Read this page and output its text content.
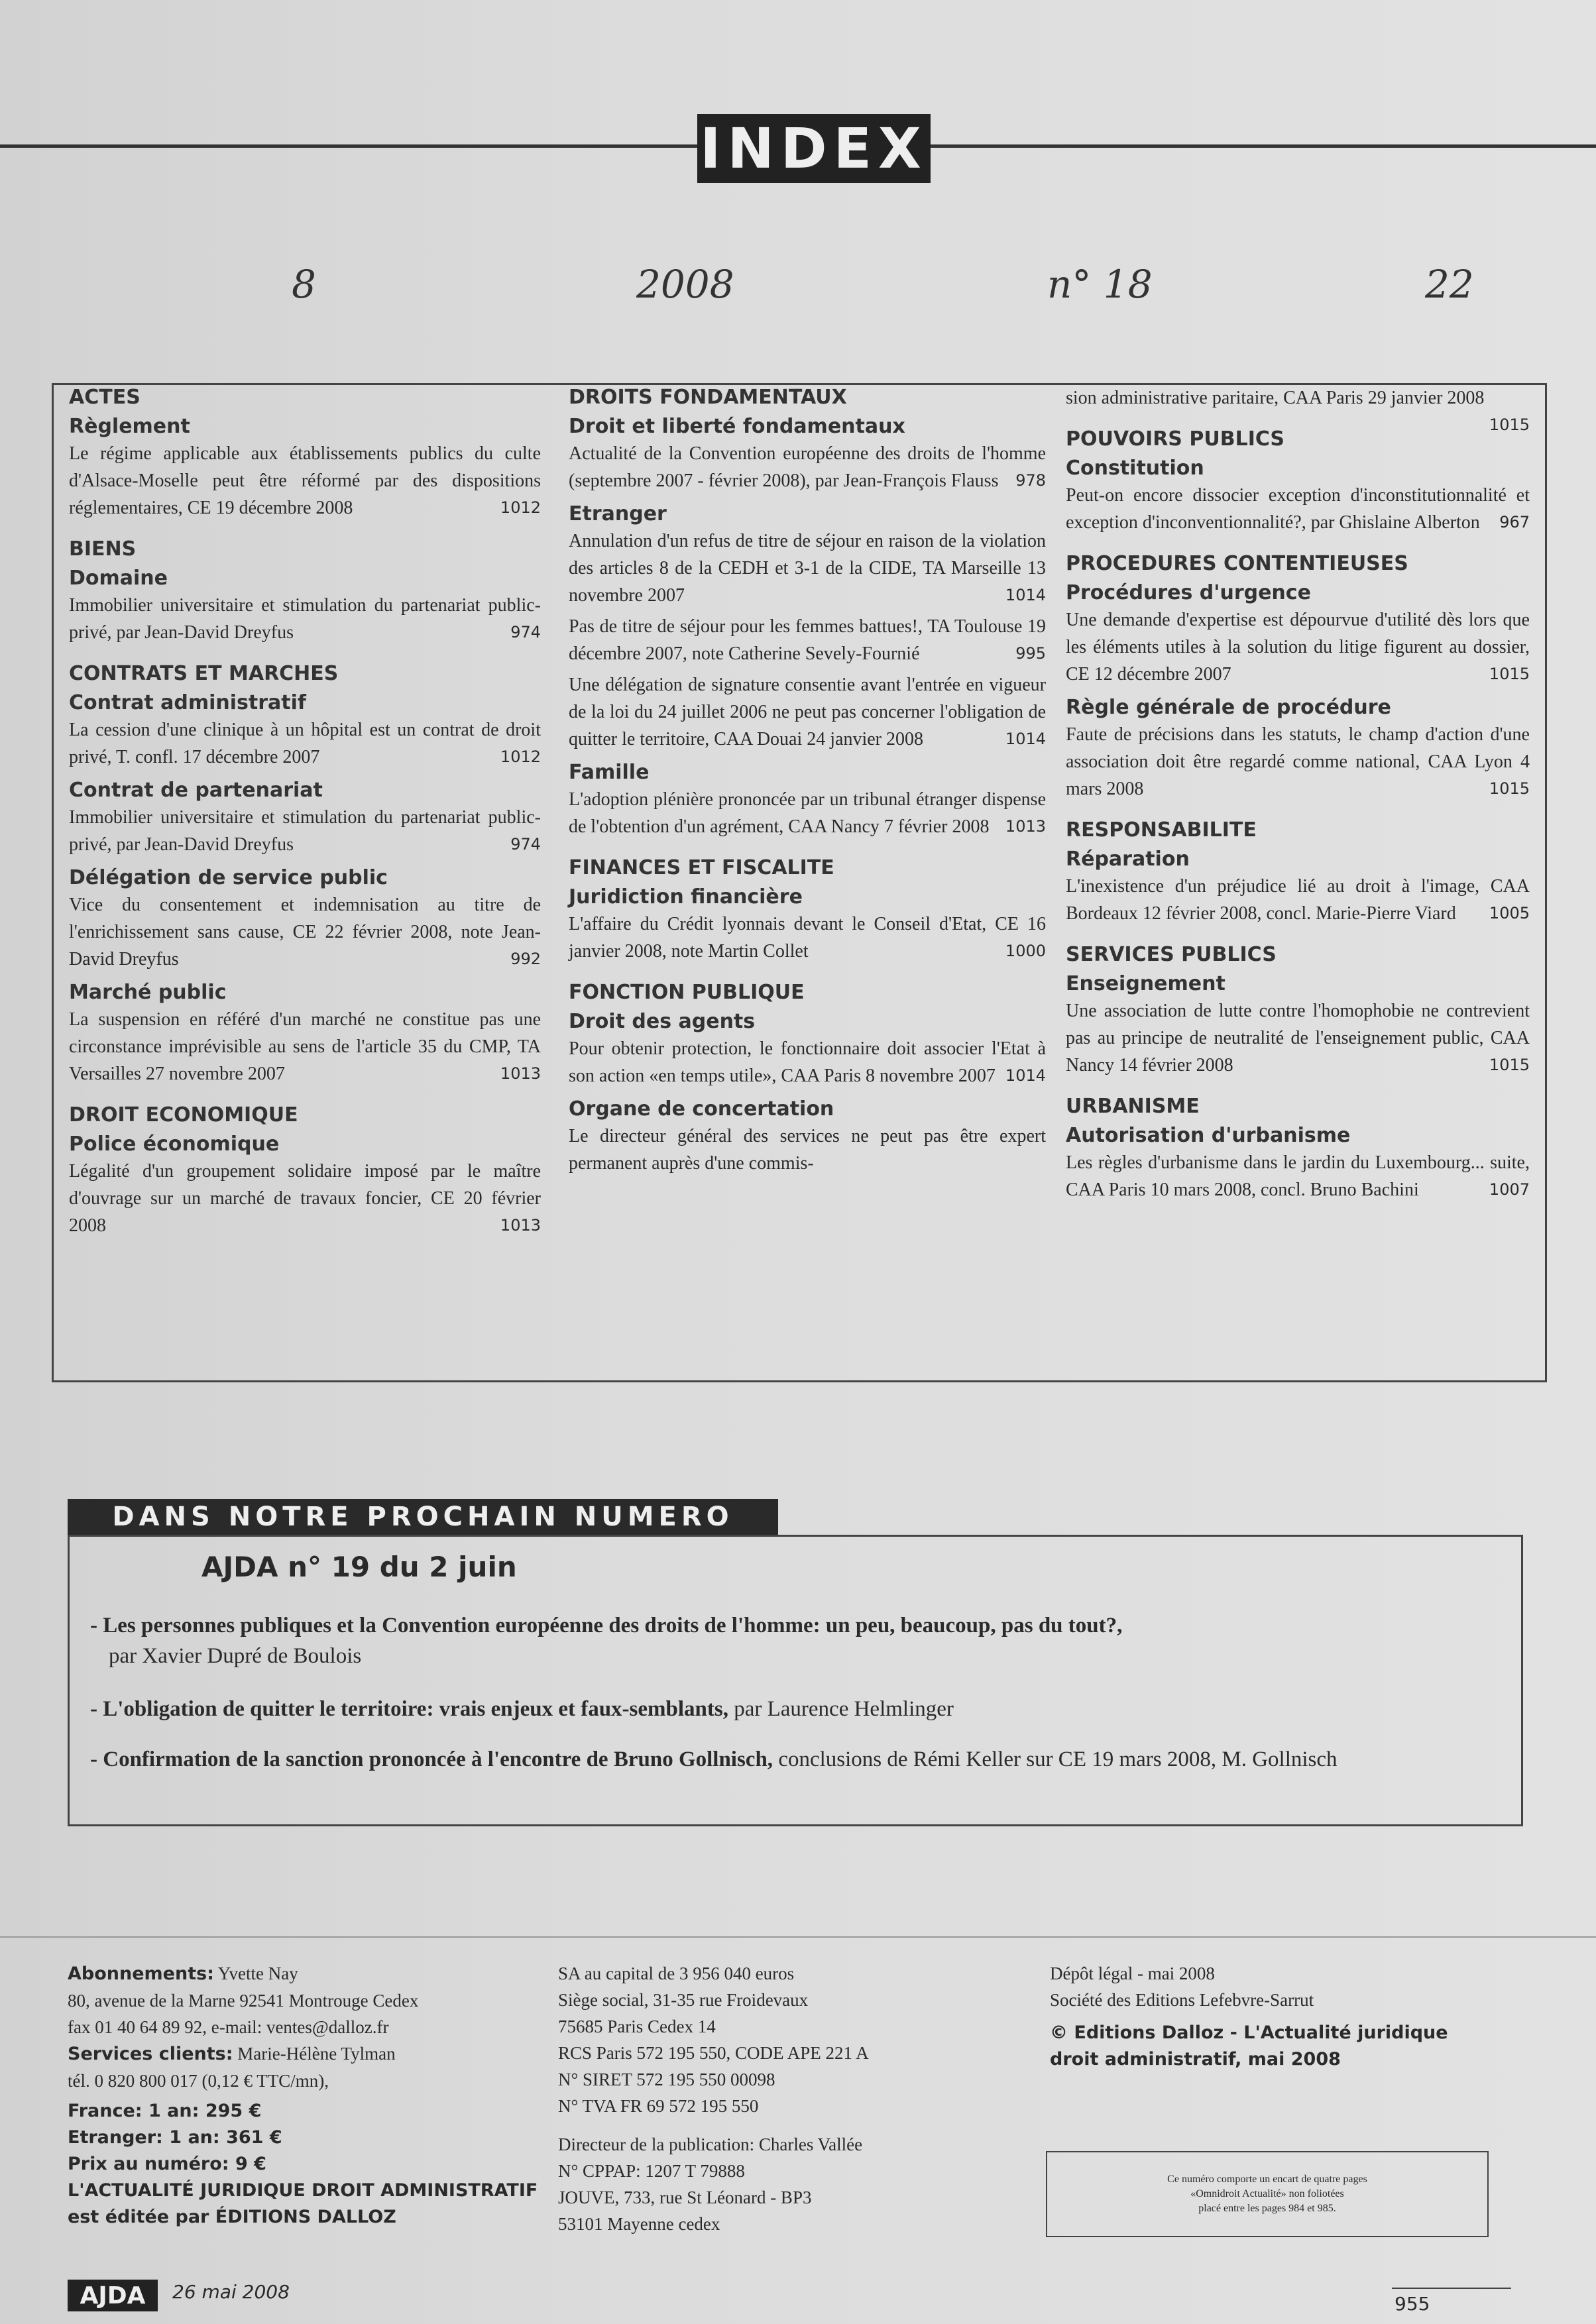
INDEX
8	2008	n° 18	22
ACTES
Règlement
Le régime applicable aux établissements publics du culte d'Alsace-Moselle peut être réformé par des dispositions réglementaires, CE 19 décembre 2008	1012
BIENS
Domaine
Immobilier universitaire et stimulation du partenariat public-privé, par Jean-David Dreyfus	974
CONTRATS ET MARCHES
Contrat administratif
La cession d'une clinique à un hôpital est un contrat de droit privé, T. confl. 17 décembre 2007	1012
Contrat de partenariat
Immobilier universitaire et stimulation du partenariat public-privé, par Jean-David Dreyfus	974
Délégation de service public
Vice du consentement et indemnisation au titre de l'enrichissement sans cause, CE 22 février 2008, note Jean-David Dreyfus	992
Marché public
La suspension en référé d'un marché ne constitue pas une circonstance imprévisible au sens de l'article 35 du CMP, TA Versailles 27 novembre 2007	1013
DROIT ECONOMIQUE
Police économique
Légalité d'un groupement solidaire imposé par le maître d'ouvrage sur un marché de travaux foncier, CE 20 février 2008	1013
DROITS FONDAMENTAUX
Droit et liberté fondamentaux
Actualité de la Convention européenne des droits de l'homme (septembre 2007 - février 2008), par Jean-François Flauss 978
Etranger
Annulation d'un refus de titre de séjour en raison de la violation des articles 8 de la CEDH et 3-1 de la CIDE, TA Marseille 13 novembre 2007	1014
Pas de titre de séjour pour les femmes battues!, TA Toulouse 19 décembre 2007, note Catherine Sevely-Fournié	995
Une délégation de signature consentie avant l'entrée en vigueur de la loi du 24 juillet 2006 ne peut pas concerner l'obligation de quitter le territoire, CAA Douai 24 janvier 2008	1014
Famille
L'adoption plénière prononcée par un tribunal étranger dispense de l'obtention d'un agrément, CAA Nancy 7 février 2008 1013
FINANCES ET FISCALITE
Juridiction financière
L'affaire du Crédit lyonnais devant le Conseil d'Etat, CE 16 janvier 2008, note Martin Collet	1000
FONCTION PUBLIQUE
Droit des agents
Pour obtenir protection, le fonctionnaire doit associer l'Etat à son action «en temps utile», CAA Paris 8 novembre 2007 1014
Organe de concertation
Le directeur général des services ne peut pas être expert permanent auprès d'une commis-
sion administrative paritaire, CAA Paris 29 janvier 2008
1015
POUVOIRS PUBLICS
Constitution
Peut-on encore dissocier exception d'inconstitutionnalité et exception d'inconventionnalité?, par Ghislaine Alberton 967
PROCEDURES CONTENTIEUSES
Procédures d'urgence
Une demande d'expertise est dépourvue d'utilité dès lors que les éléments utiles à la solution du litige figurent au dossier, CE 12 décembre 2007	1015
Règle générale de procédure
Faute de précisions dans les statuts, le champ d'action d'une association doit être regardé comme national, CAA Lyon 4 mars 2008	1015
RESPONSABILITE
Réparation
L'inexistence d'un préjudice lié au droit à l'image, CAA Bordeaux 12 février 2008, concl. Marie-Pierre Viard 1005
SERVICES PUBLICS
Enseignement
Une association de lutte contre l'homophobie ne contrevient pas au principe de neutralité de l'enseignement public, CAA Nancy 14 février 2008	1015
URBANISME
Autorisation d'urbanisme
Les règles d'urbanisme dans le jardin du Luxembourg... suite, CAA Paris 10 mars 2008, concl. Bruno Bachini	1007
DANS NOTRE PROCHAIN NUMERO
AJDA n° 19 du 2 juin
- Les personnes publiques et la Convention européenne des droits de l'homme: un peu, beaucoup, pas du tout?,
par Xavier Dupré de Boulois
- L'obligation de quitter le territoire: vrais enjeux et faux-semblants, par Laurence Helmlinger
- Confirmation de la sanction prononcée à l'encontre de Bruno Gollnisch, conclusions de Rémi Keller sur CE 19 mars 2008, M. Gollnisch
Abonnements: Yvette Nay
80, avenue de la Marne 92541 Montrouge Cedex
fax 01 40 64 89 92, e-mail: ventes@dalloz.fr
Services clients: Marie-Hélène Tylman
tél. 0 820 800 017 (0,12 € TTC/mn),
France: 1 an: 295 €
Etranger: 1 an: 361 €
Prix au numéro: 9 €
L'ACTUALITÉ JURIDIQUE DROIT ADMINISTRATIF
est éditée par ÉDITIONS DALLOZ
SA au capital de 3 956 040 euros
Siège social, 31-35 rue Froidevaux
75685 Paris Cedex 14
RCS Paris 572 195 550, CODE APE 221 A
N° SIRET 572 195 550 00098
N° TVA FR 69 572 195 550
Directeur de la publication: Charles Vallée
N° CPPAP: 1207 T 79888
JOUVE, 733, rue St Léonard - BP3
53101 Mayenne cedex
Dépôt légal - mai 2008
Société des Editions Lefebvre-Sarrut
© Editions Dalloz - L'Actualité juridique
droit administratif, mai 2008
Ce numéro comporte un encart de quatre pages
«Omnidroit Actualité» non foliotées
placé entre les pages 984 et 985.
AJDA	26 mai 2008
955
